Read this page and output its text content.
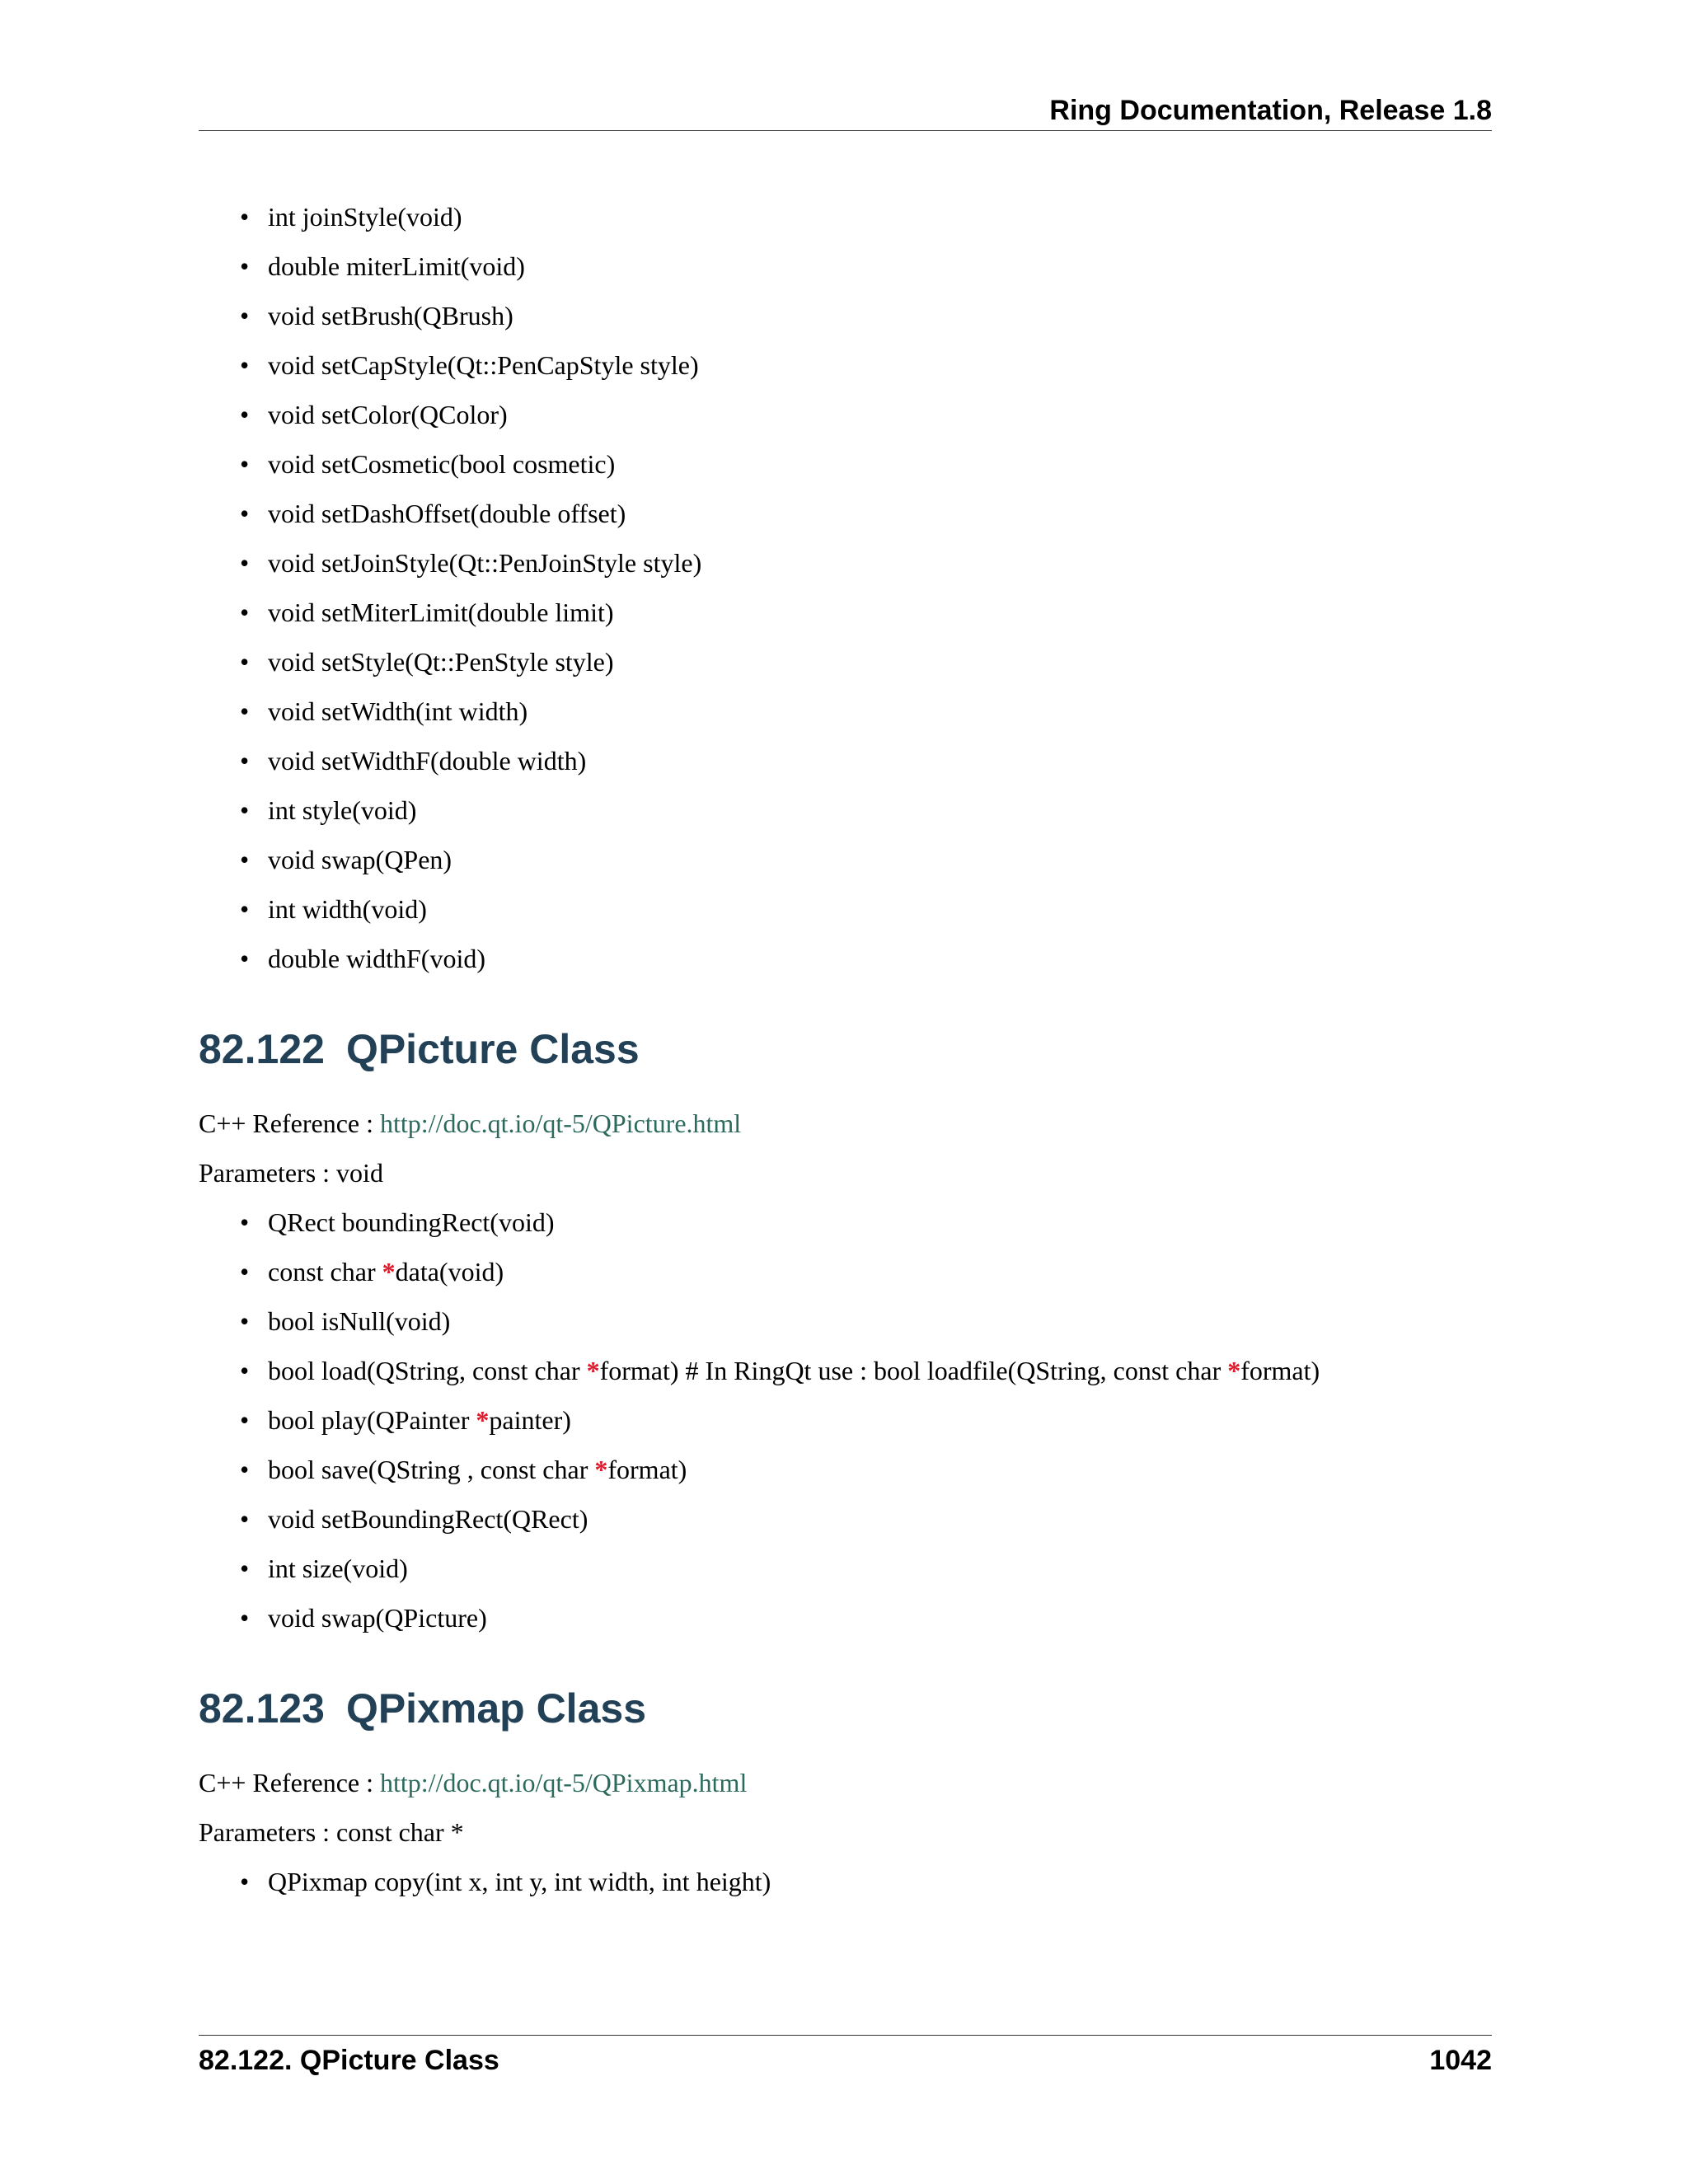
Ring Documentation, Release 1.8
• int joinStyle(void)
• double miterLimit(void)
• void setBrush(QBrush)
• void setCapStyle(Qt::PenCapStyle style)
• void setColor(QColor)
• void setCosmetic(bool cosmetic)
• void setDashOffset(double offset)
• void setJoinStyle(Qt::PenJoinStyle style)
• void setMiterLimit(double limit)
• void setStyle(Qt::PenStyle style)
• void setWidth(int width)
• void setWidthF(double width)
• int style(void)
• void swap(QPen)
• int width(void)
• double widthF(void)
82.122 QPicture Class

C++ Reference : http://doc.qt.io/qt-5/QPicture.html

Parameters : void

• QRect boundingRect(void)
• const char *data(void)
• bool isNull(void)
• bool load(QString, const char *format) # In RingQt use : bool loadfile(QString, const char *format)
• bool play(QPainter *painter)
• bool save(QString , const char *format)
• void setBoundingRect(QRect)
• int size(void)
• void swap(QPicture)
82.123 QPixmap Class

C++ Reference : http://doc.qt.io/qt-5/QPixmap.html

Parameters : const char *

• QPixmap copy(int x, int y, int width, int height)
82.122. QPicture Class	1042
